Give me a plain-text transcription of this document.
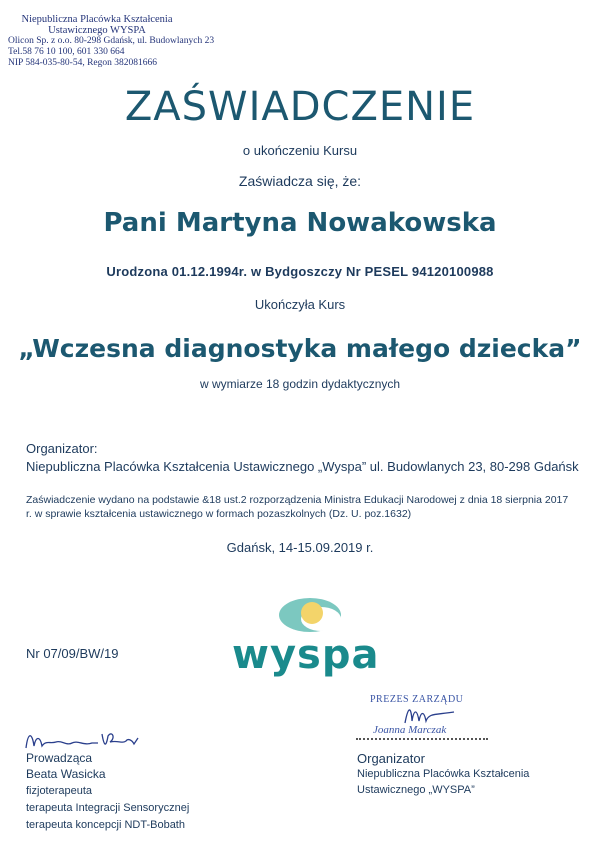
Niepubliczna Placówka Kształcenia
Ustawicznego WYSPA
Olicon Sp. z o.o. 80-298 Gdańsk, ul. Budowlanych 23
Tel.58 76 10 100, 601 330 664
NIP 584-035-80-54, Regon 382081666
ZAŚWIADCZENIE
o ukończeniu Kursu
Zaświadcza się, że:
Pani Martyna Nowakowska
Urodzona 01.12.1994r. w Bydgoszczy Nr PESEL 94120100988
Ukończyła Kurs
„Wczesna diagnostyka małego dziecka”
w wymiarze 18 godzin dydaktycznych
Organizator:
Niepubliczna Placówka Kształcenia Ustawicznego „Wyspa” ul. Budowlanych 23, 80-298 Gdańsk
Zaświadczenie wydano na podstawie &18 ust.2 rozporządzenia Ministra Edukacji Narodowej z dnia 18 sierpnia 2017 r. w sprawie kształcenia ustawicznego w formach pozaszkolnych (Dz. U. poz.1632)
Gdańsk, 14-15.09.2019 r.
wyspa
Nr 07/09/BW/19
PREZES ZARZĄDU
Joanna Marczak
Organizator
Niepubliczna Placówka Kształcenia
Ustawicznego „WYSPA”
Prowadząca
Beata Wasicka
fizjoterapeuta
terapeuta Integracji Sensorycznej
terapeuta koncepcji NDT-Bobath
